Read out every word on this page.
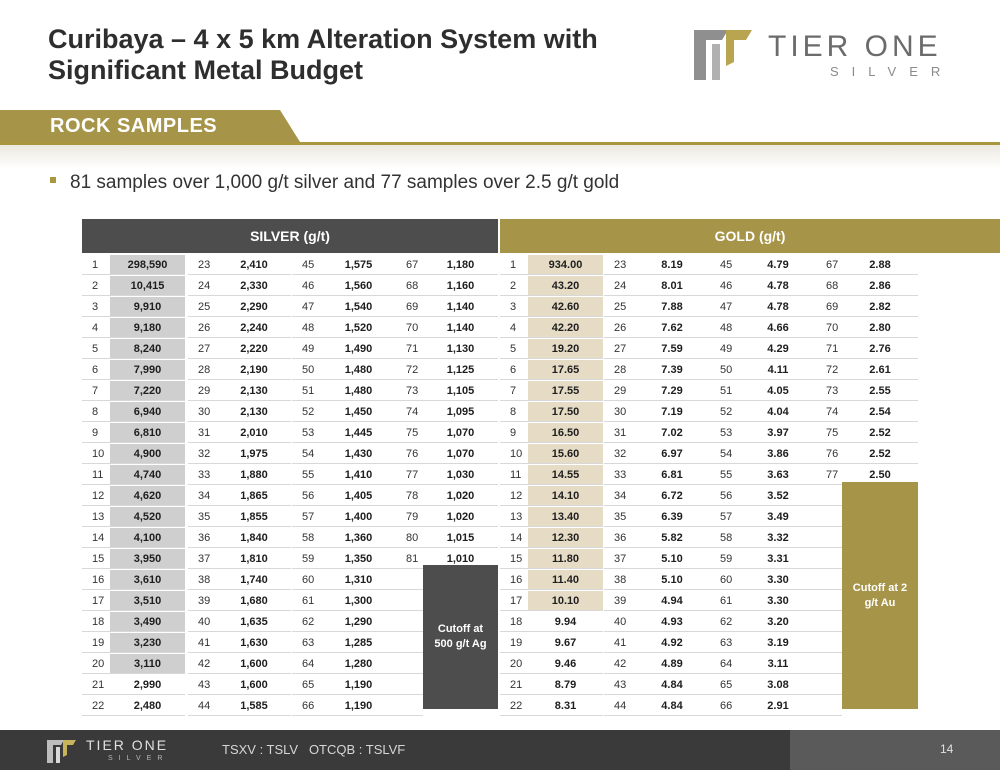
Curibaya – 4 x 5 km Alteration System with
Significant Metal Budget
TIER ONE
SILVER
ROCK SAMPLES
81 samples over 1,000 g/t silver and 77 samples over 2.5 g/t gold
SILVER (g/t)	GOLD (g/t)
1	298,590	23	2,410	45	1,575	67	1,180	1	934.00	23	8.19	45	4.79	67	2.88
2	10,415	24	2,330	46	1,560	68	1,160	2	43.20	24	8.01	46	4.78	68	2.86
3	9,910	25	2,290	47	1,540	69	1,140	3	42.60	25	7.88	47	4.78	69	2.82
4	9,180	26	2,240	48	1,520	70	1,140	4	42.20	26	7.62	48	4.66	70	2.80
5	8,240	27	2,220	49	1,490	71	1,130	5	19.20	27	7.59	49	4.29	71	2.76
6	7,990	28	2,190	50	1,480	72	1,125	6	17.65	28	7.39	50	4.11	72	2.61
7	7,220	29	2,130	51	1,480	73	1,105	7	17.55	29	7.29	51	4.05	73	2.55
8	6,940	30	2,130	52	1,450	74	1,095	8	17.50	30	7.19	52	4.04	74	2.54
9	6,810	31	2,010	53	1,445	75	1,070	9	16.50	31	7.02	53	3.97	75	2.52
10	4,900	32	1,975	54	1,430	76	1,070	10	15.60	32	6.97	54	3.86	76	2.52
11	4,740	33	1,880	55	1,410	77	1,030	11	14.55	33	6.81	55	3.63	77	2.50
12	4,620	34	1,865	56	1,405	78	1,020	12	14.10	34	6.72	56	3.52
13	4,520	35	1,855	57	1,400	79	1,020	13	13.40	35	6.39	57	3.49
14	4,100	36	1,840	58	1,360	80	1,015	14	12.30	36	5.82	58	3.32
15	3,950	37	1,810	59	1,350	81	1,010	15	11.80	37	5.10	59	3.31
16	3,610	38	1,740	60	1,310	16	11.40	38	5.10	60	3.30
17	3,510	39	1,680	61	1,300	17	10.10	39	4.94	61	3.30
18	3,490	40	1,635	62	1,290	18	9.94	40	4.93	62	3.20
19	3,230	41	1,630	63	1,285	19	9.67	41	4.92	63	3.19
20	3,110	42	1,600	64	1,280	20	9.46	42	4.89	64	3.11
21	2,990	43	1,600	65	1,190	21	8.79	43	4.84	65	3.08
22	2,480	44	1,585	66	1,190	22	8.31	44	4.84	66	2.91
Cutoff at 500 g/t Ag
Cutoff at 2 g/t Au
TIER ONE
SILVER
TSXV : TSLV   OTCQB : TSLVF	14
